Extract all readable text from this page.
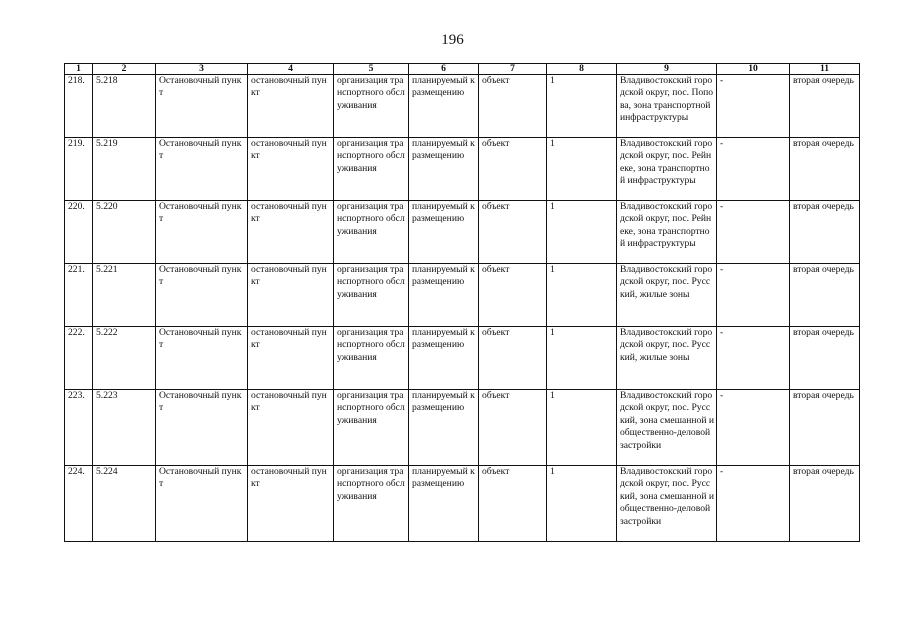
196
1	2	3	4	5	6	7	8	9	10	11
218.	5.218	Остановочный пункт	остановочный пункт	организация транспортного обслуживания	планируемый к размещению	объект	1	Владивостокский городской округ, пос. Попова, зона транспортной инфраструктуры	-	вторая очередь
219.	5.219	Остановочный пункт	остановочный пункт	организация транспортного обслуживания	планируемый к размещению	объект	1	Владивостокский городской округ, пос. Рейнеке, зона транспортной инфраструктуры	-	вторая очередь
220.	5.220	Остановочный пункт	остановочный пункт	организация транспортного обслуживания	планируемый к размещению	объект	1	Владивостокский городской округ, пос. Рейнеке, зона транспортной инфраструктуры	-	вторая очередь
221.	5.221	Остановочный пункт	остановочный пункт	организация транспортного обслуживания	планируемый к размещению	объект	1	Владивостокский городской округ, пос. Русский, жилые зоны	-	вторая очередь
222.	5.222	Остановочный пункт	остановочный пункт	организация транспортного обслуживания	планируемый к размещению	объект	1	Владивостокский городской округ, пос. Русский, жилые зоны	-	вторая очередь
223.	5.223	Остановочный пункт	остановочный пункт	организация транспортного обслуживания	планируемый к размещению	объект	1	Владивостокский городской округ, пос. Русский, зона смешанной и общественно-деловой застройки	-	вторая очередь
224.	5.224	Остановочный пункт	остановочный пункт	организация транспортного обслуживания	планируемый к размещению	объект	1	Владивостокский городской округ, пос. Русский, зона смешанной и общественно-деловой застройки	-	вторая очередь
